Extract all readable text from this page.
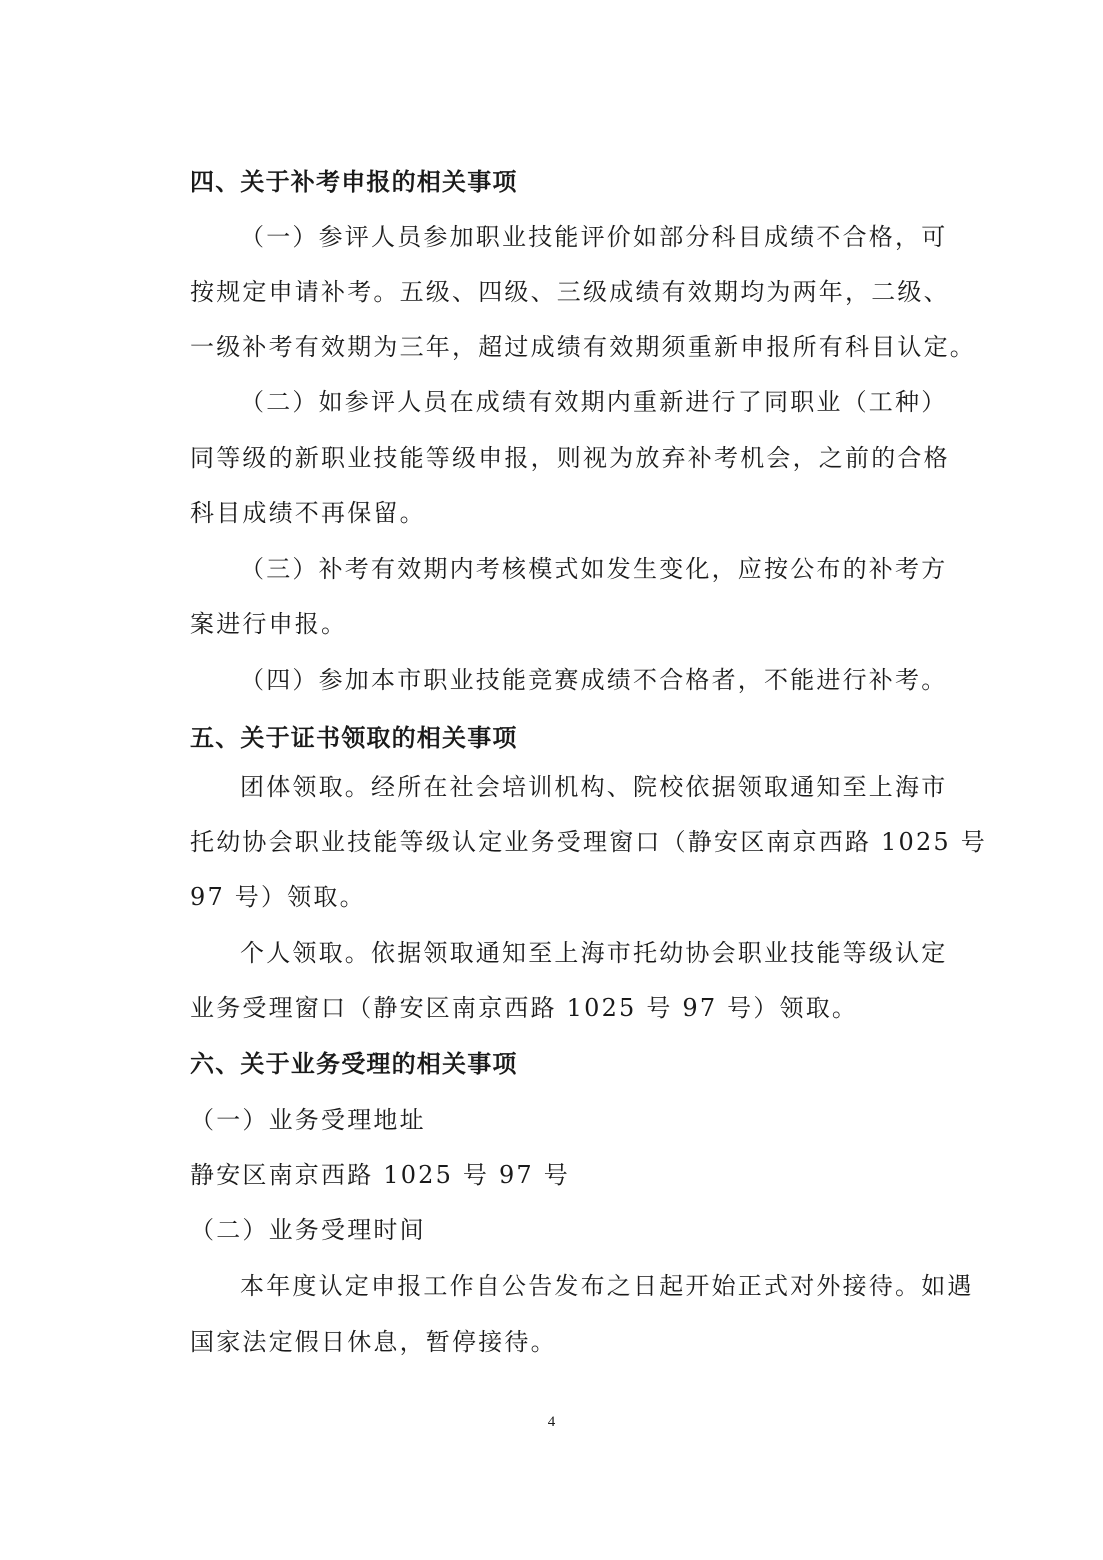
四、关于补考申报的相关事项
（一）参评人员参加职业技能评价如部分科目成绩不合格，可
按规定申请补考。五级、四级、三级成绩有效期均为两年，二级、
一级补考有效期为三年，超过成绩有效期须重新申报所有科目认定。
（二）如参评人员在成绩有效期内重新进行了同职业（工种）
同等级的新职业技能等级申报，则视为放弃补考机会，之前的合格
科目成绩不再保留。
（三）补考有效期内考核模式如发生变化，应按公布的补考方
案进行申报。
（四）参加本市职业技能竞赛成绩不合格者，不能进行补考。
五、关于证书领取的相关事项
团体领取。经所在社会培训机构、院校依据领取通知至上海市
托幼协会职业技能等级认定业务受理窗口（静安区南京西路 1025 号
97 号）领取。
个人领取。依据领取通知至上海市托幼协会职业技能等级认定
业务受理窗口（静安区南京西路 1025 号 97 号）领取。
六、关于业务受理的相关事项
（一）业务受理地址
静安区南京西路 1025 号 97 号
（二）业务受理时间
本年度认定申报工作自公告发布之日起开始正式对外接待。如遇
国家法定假日休息，暂停接待。
4
